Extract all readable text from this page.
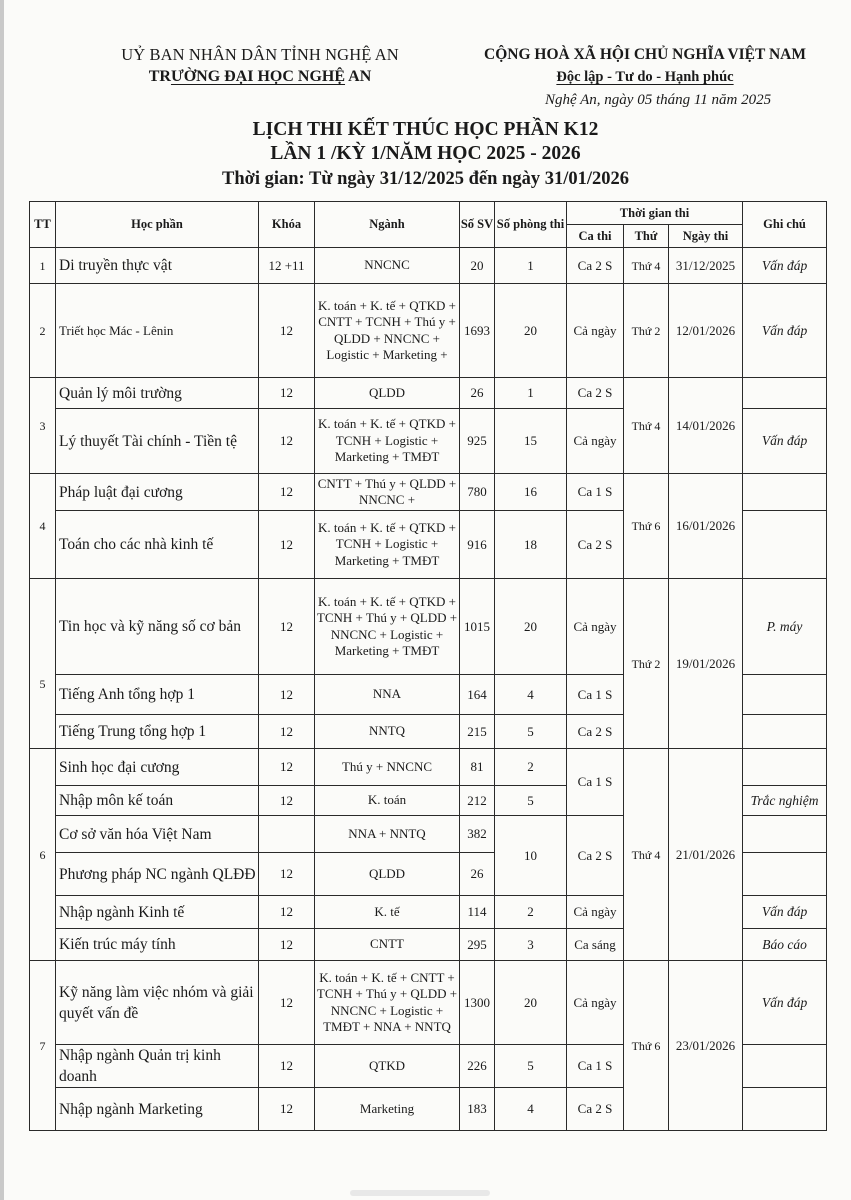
UỶ BAN NHÂN DÂN TỈNH NGHỆ AN
TRƯỜNG ĐẠI HỌC NGHỆ AN
CỘNG HOÀ XÃ HỘI CHỦ NGHĨA VIỆT NAM
Độc lập - Tư do - Hạnh phúc
Nghệ An, ngày 05 tháng 11 năm 2025
LỊCH THI KẾT THÚC HỌC PHẦN K12
LẦN 1 /KỲ 1/NĂM HỌC 2025 - 2026
Thời gian: Từ ngày 31/12/2025 đến ngày 31/01/2026
TT	Học phần	Khóa	Ngành	Số SV	Số phòng thi	Thời gian thi			Ghi chú
						Ca thi	Thứ	Ngày thi	
1	Di truyền thực vật	12 +11	NNCNC	20	1	Ca 2 S	Thứ 4	31/12/2025	Vấn đáp
2	Triết học Mác - Lênin	12	K. toán + K. tế + QTKD + CNTT + TCNH + Thú y + QLDD + NNCNC + Logistic + Marketing +	1693	20	Cả ngày	Thứ 2	12/01/2026	Vấn đáp
3	Quản lý môi trường	12	QLDD	26	1	Ca 2 S	Thứ 4	14/01/2026	
	Lý thuyết Tài chính - Tiền tệ	12	K. toán + K. tế + QTKD + TCNH + Logistic + Marketing + TMĐT	925	15	Cả ngày			Vấn đáp
4	Pháp luật đại cương	12	CNTT + Thú y + QLDD + NNCNC +	780	16	Ca 1 S	Thứ 6	16/01/2026	
	Toán cho các nhà kinh tế	12	K. toán + K. tế + QTKD + TCNH + Logistic + Marketing + TMĐT	916	18	Ca 2 S			
5	Tin học và kỹ năng số cơ bản	12	K. toán + K. tế + QTKD + TCNH + Thú y + QLDD + NNCNC + Logistic + Marketing + TMĐT	1015	20	Cả ngày	Thứ 2	19/01/2026	P. máy
	Tiếng Anh tổng hợp 1	12	NNA	164	4	Ca 1 S			
	Tiếng Trung tổng hợp 1	12	NNTQ	215	5	Ca 2 S			
6	Sinh học đại cương	12	Thú y + NNCNC	81	2	Ca 1 S	Thứ 4	21/01/2026	
	Nhập môn kế toán	12	K. toán	212	5				Trắc nghiệm
	Cơ sở văn hóa Việt Nam		NNA + NNTQ	382	10	Ca 2 S			
	Phương pháp NC ngành QLĐĐ	12	QLDD	26					
	Nhập ngành Kinh tế	12	K. tế	114	2	Cả ngày			Vấn đáp
	Kiến trúc máy tính	12	CNTT	295	3	Ca sáng			Báo cáo
7	Kỹ năng làm việc nhóm và giải quyết vấn đề	12	K. toán + K. tế + CNTT + TCNH + Thú y + QLDD + NNCNC + Logistic + TMĐT + NNA + NNTQ	1300	20	Cả ngày	Thứ 6	23/01/2026	Vấn đáp
	Nhập ngành Quản trị kinh doanh	12	QTKD	226	5	Ca 1 S			
	Nhập ngành Marketing	12	Marketing	183	4	Ca 2 S			
